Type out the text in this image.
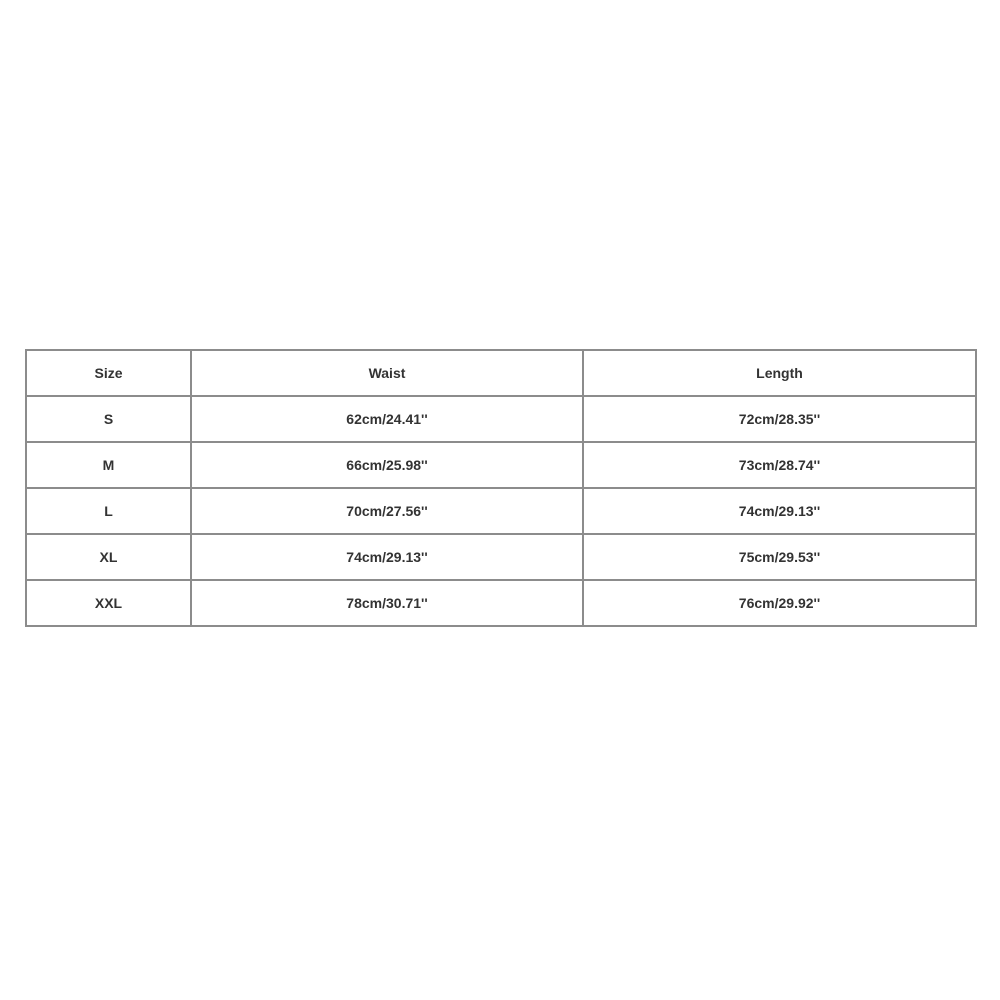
Size	Waist	Length
S	62cm/24.41''	72cm/28.35''
M	66cm/25.98''	73cm/28.74''
L	70cm/27.56''	74cm/29.13''
XL	74cm/29.13''	75cm/29.53''
XXL	78cm/30.71''	76cm/29.92''
